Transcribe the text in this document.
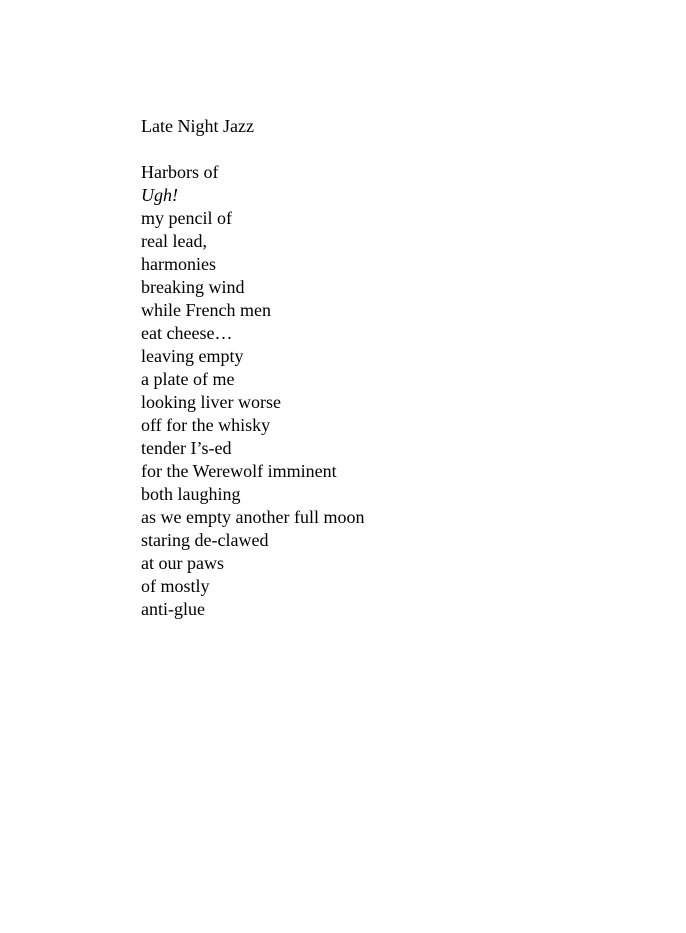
Late Night Jazz
Harbors of
Ugh!
my pencil of
real lead,
harmonies
breaking wind
while French men
eat cheese…
leaving empty
a plate of me
looking liver worse
off for the whisky
tender I’s-ed
for the Werewolf imminent
both laughing
as we empty another full moon
staring de-clawed
at our paws
of mostly
anti-glue
